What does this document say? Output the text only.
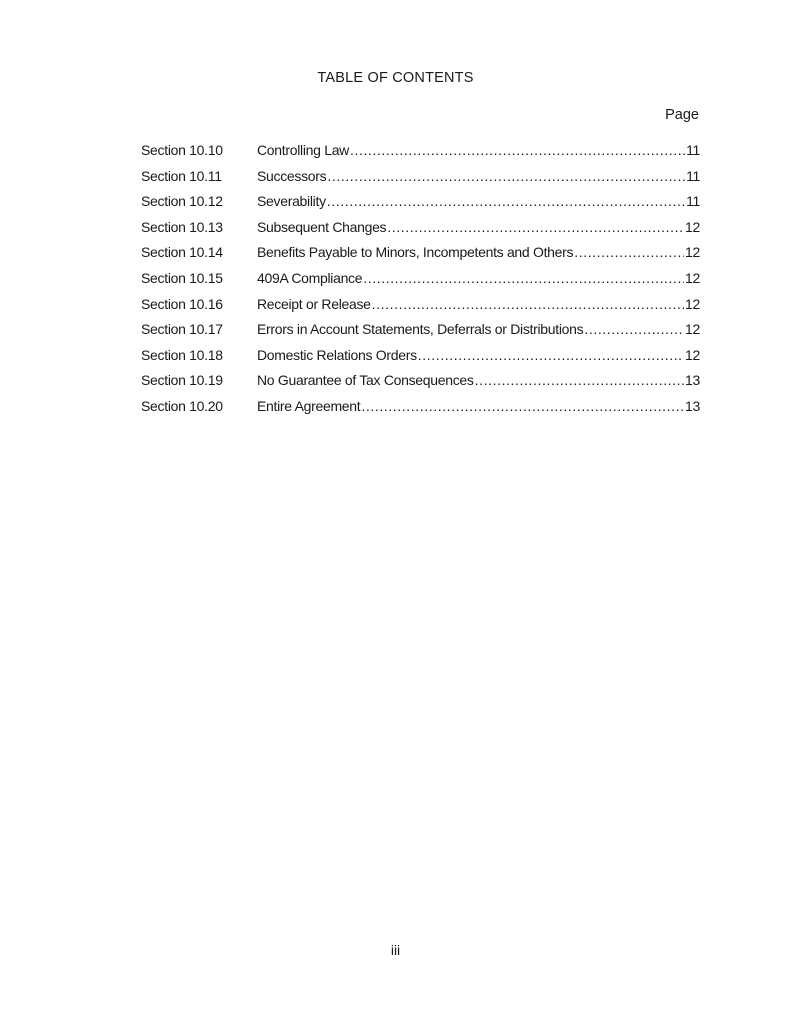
TABLE OF CONTENTS
Page
Section 10.10	Controlling Law .....	11
Section 10.11	Successors .....	11
Section 10.12	Severability .....	11
Section 10.13	Subsequent Changes .....	12
Section 10.14	Benefits Payable to Minors, Incompetents and Others .....	12
Section 10.15	409A Compliance .....	12
Section 10.16	Receipt or Release .....	12
Section 10.17	Errors in Account Statements, Deferrals or Distributions .....	12
Section 10.18	Domestic Relations Orders .....	12
Section 10.19	No Guarantee of Tax Consequences .....	13
Section 10.20	Entire Agreement .....	13
iii
